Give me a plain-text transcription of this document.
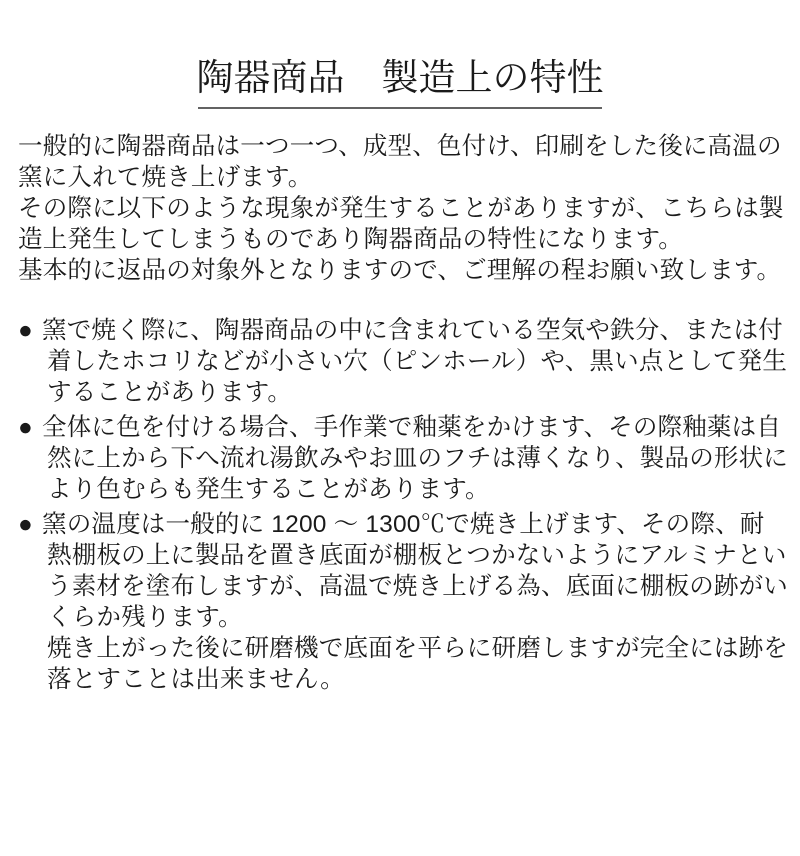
陶器商品　製造上の特性
一般的に陶器商品は一つ一つ、成型、色付け、印刷をした後に高温の
窯に入れて焼き上げます。
その際に以下のような現象が発生することがありますが、こちらは製
造上発生してしまうものであり陶器商品の特性になります。
基本的に返品の対象外となりますので、ご理解の程お願い致します。
● 窯で焼く際に、陶器商品の中に含まれている空気や鉄分、または付
着したホコリなどが小さい穴（ピンホール）や、黒い点として発生
することがあります。
● 全体に色を付ける場合、手作業で釉薬をかけます、その際釉薬は自
然に上から下へ流れ湯飲みやお皿のフチは薄くなり、製品の形状に
より色むらも発生することがあります。
● 窯の温度は一般的に 1200 ～ 1300℃で焼き上げます、その際、耐
熱棚板の上に製品を置き底面が棚板とつかないようにアルミナとい
う素材を塗布しますが、高温で焼き上げる為、底面に棚板の跡がい
くらか残ります。
焼き上がった後に研磨機で底面を平らに研磨しますが完全には跡を
落とすことは出来ません。
